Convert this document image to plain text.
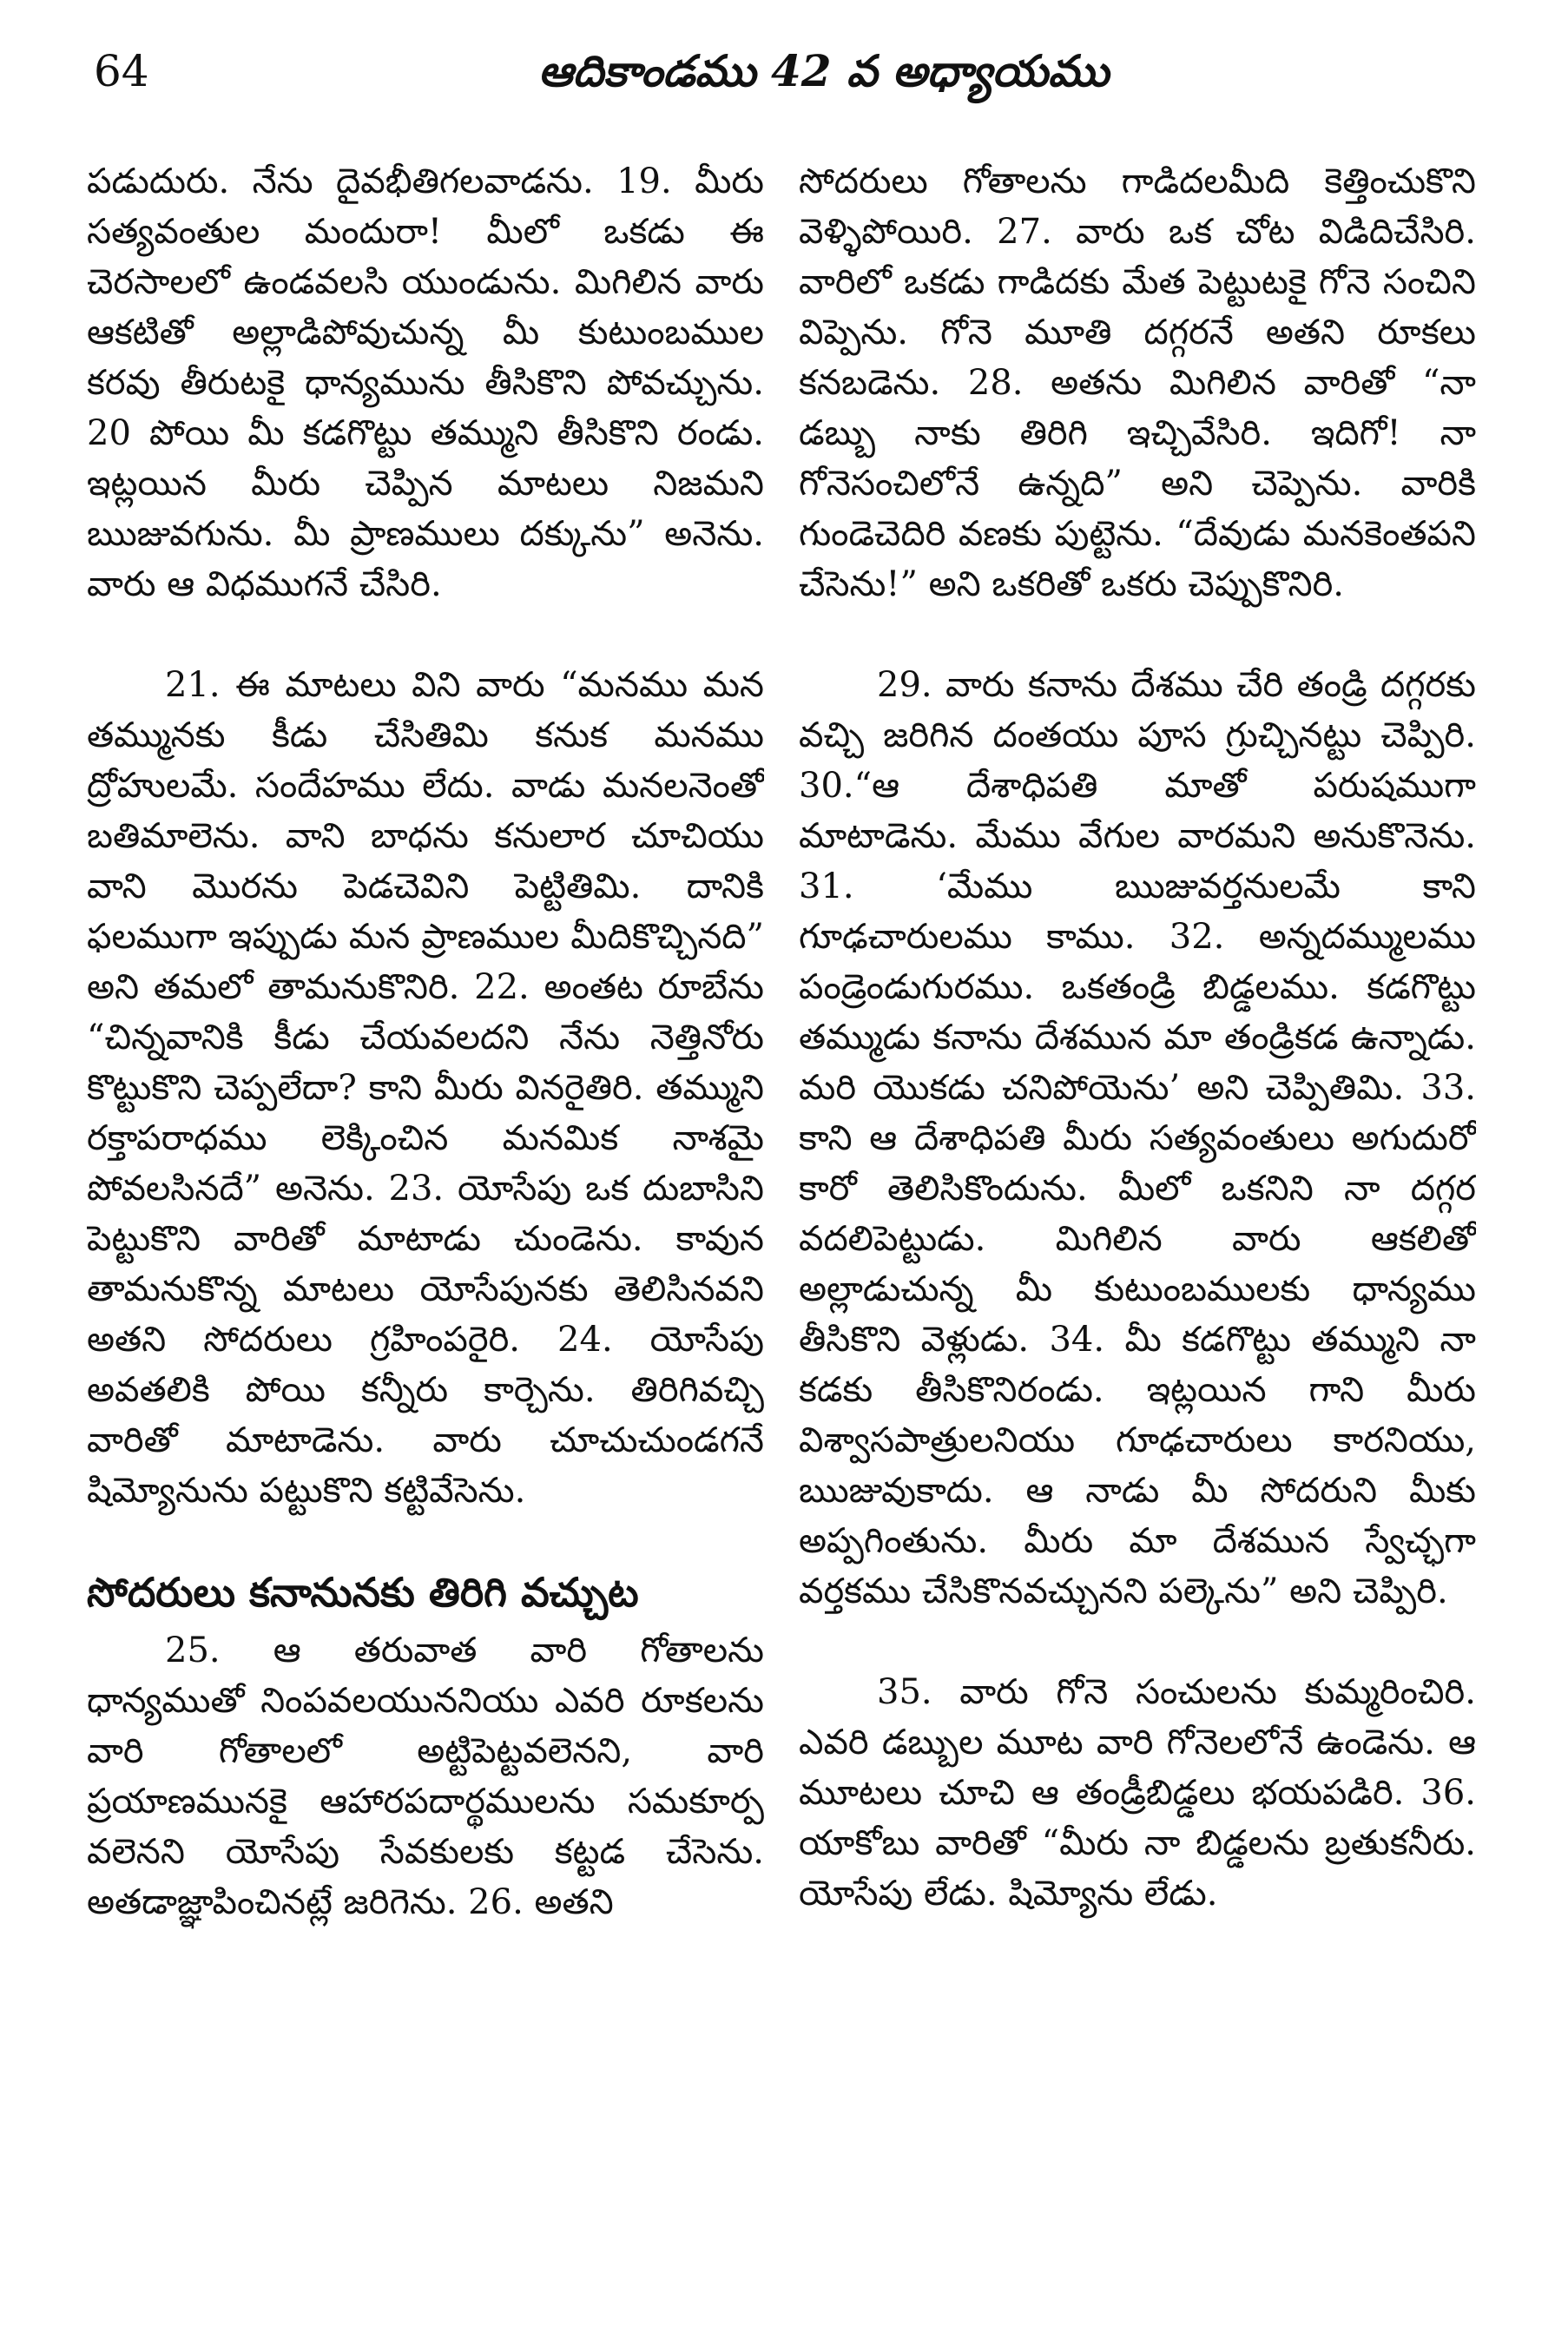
64	ఆదికాండము 42 వ అధ్యాయము

పడుదురు. నేను దైవభీతిగలవాడను. 19. మీరు సత్యవంతుల మందురా! మీలో ఒకడు ఈ చెరసాలలో ఉండవలసి యుండును. మిగిలిన వారు ఆకటితో అల్లాడిపోవుచున్న మీ కుటుంబముల కరవు తీరుటకై ధాన్యమును తీసికొని పోవచ్చును. 20 పోయి మీ కడగొట్టు తమ్ముని తీసికొని రండు. ఇట్లయిన మీరు చెప్పిన మాటలు నిజమని ఋజువగును. మీ ప్రాణములు దక్కును” అనెను. వారు ఆ విధముగనే చేసిరి.

21. ఈ మాటలు విని వారు “మనము మన తమ్మునకు కీడు చేసితిమి కనుక మనము ద్రోహులమే. సందేహము లేదు. వాడు మనలనెంతో బతిమాలెను. వాని బాధను కనులార చూచియు వాని మొరను పెడచెవిని పెట్టితిమి. దానికి ఫలముగా ఇప్పుడు మన ప్రాణముల మీదికొచ్చినది” అని తమలో తామనుకొనిరి. 22. అంతట రూబేను “చిన్నవానికి కీడు చేయవలదని నేను నెత్తినోరు కొట్టుకొని చెప్పలేదా? కాని మీరు వినరైతిరి. తమ్ముని రక్తాపరాధము లెక్కించిన మనమిక నాశమై పోవలసినదే” అనెను. 23. యోసేపు ఒక దుబాసిని పెట్టుకొని వారితో మాటాడు చుండెను. కావున తామనుకొన్న మాటలు యోసేపునకు తెలిసినవని అతని సోదరులు గ్రహింపరైరి. 24. యోసేపు అవతలికి పోయి కన్నీరు కార్చెను. తిరిగివచ్చి వారితో మాటాడెను. వారు చూచుచుండగనే షిమ్యోనును పట్టుకొని కట్టివేసెను.

సోదరులు కనానునకు తిరిగి వచ్చుట

25. ఆ తరువాత వారి గోతాలను ధాన్యముతో నింపవలయుననియు ఎవరి రూకలను వారి గోతాలలో అట్టిపెట్టవలెనని, వారి ప్రయాణమునకై ఆహారపదార్థములను సమకూర్ప వలెనని యోసేపు సేవకులకు కట్టడ చేసెను. అతడాజ్ఞాపించినట్లే జరిగెను. 26. అతని

సోదరులు గోతాలను గాడిదలమీది కెత్తించుకొని వెళ్ళిపోయిరి. 27. వారు ఒక చోట విడిదిచేసిరి. వారిలో ఒకడు గాడిదకు మేత పెట్టుటకై గోనె సంచిని విప్పెను. గోనె మూతి దగ్గరనే అతని రూకలు కనబడెను. 28. అతను మిగిలిన వారితో “నా డబ్బు నాకు తిరిగి ఇచ్చివేసిరి. ఇదిగో! నా గోనెసంచిలోనే ఉన్నది” అని చెప్పెను. వారికి గుండెచెదిరి వణకు పుట్టెను. “దేవుడు మనకెంతపని చేసెను!” అని ఒకరితో ఒకరు చెప్పుకొనిరి.

29. వారు కనాను దేశము చేరి తండ్రి దగ్గరకు వచ్చి జరిగిన దంతయు పూస గ్రుచ్చినట్టు చెప్పిరి. 30.“ఆ దేశాధిపతి మాతో పరుషముగా మాటాడెను. మేము వేగుల వారమని అనుకొనెను. 31. ‘మేము ఋజువర్తనులమే కాని గూఢచారులము కాము. 32. అన్నదమ్ములము పండ్రెండుగురము. ఒకతండ్రి బిడ్డలము. కడగొట్టు తమ్ముడు కనాను దేశమున మా తండ్రికడ ఉన్నాడు. మరి యొకడు చనిపోయెను’ అని చెప్పితిమి. 33. కాని ఆ దేశాధిపతి మీరు సత్యవంతులు అగుదురో కారో తెలిసికొందును. మీలో ఒకనిని నా దగ్గర వదలిపెట్టుడు. మిగిలిన వారు ఆకలితో అల్లాడుచున్న మీ కుటుంబములకు ధాన్యము తీసికొని వెళ్లుడు. 34. మీ కడగొట్టు తమ్ముని నా కడకు తీసికొనిరండు. ఇట్లయిన గాని మీరు విశ్వాసపాత్రులనియు గూఢచారులు కారనియు, ఋజువుకాదు. ఆ నాడు మీ సోదరుని మీకు అప్పగింతును. మీరు మా దేశమున స్వేచ్ఛగా వర్తకము చేసికొనవచ్చునని పల్కెను” అని చెప్పిరి.

35. వారు గోనె సంచులను కుమ్మరించిరి. ఎవరి డబ్బుల మూట వారి గోనెలలోనే ఉండెను. ఆ మూటలు చూచి ఆ తండ్రీబిడ్డలు భయపడిరి. 36. యాకోబు వారితో “మీరు నా బిడ్డలను బ్రతుకనీరు. యోసేపు లేడు. షిమ్యోను లేడు.
